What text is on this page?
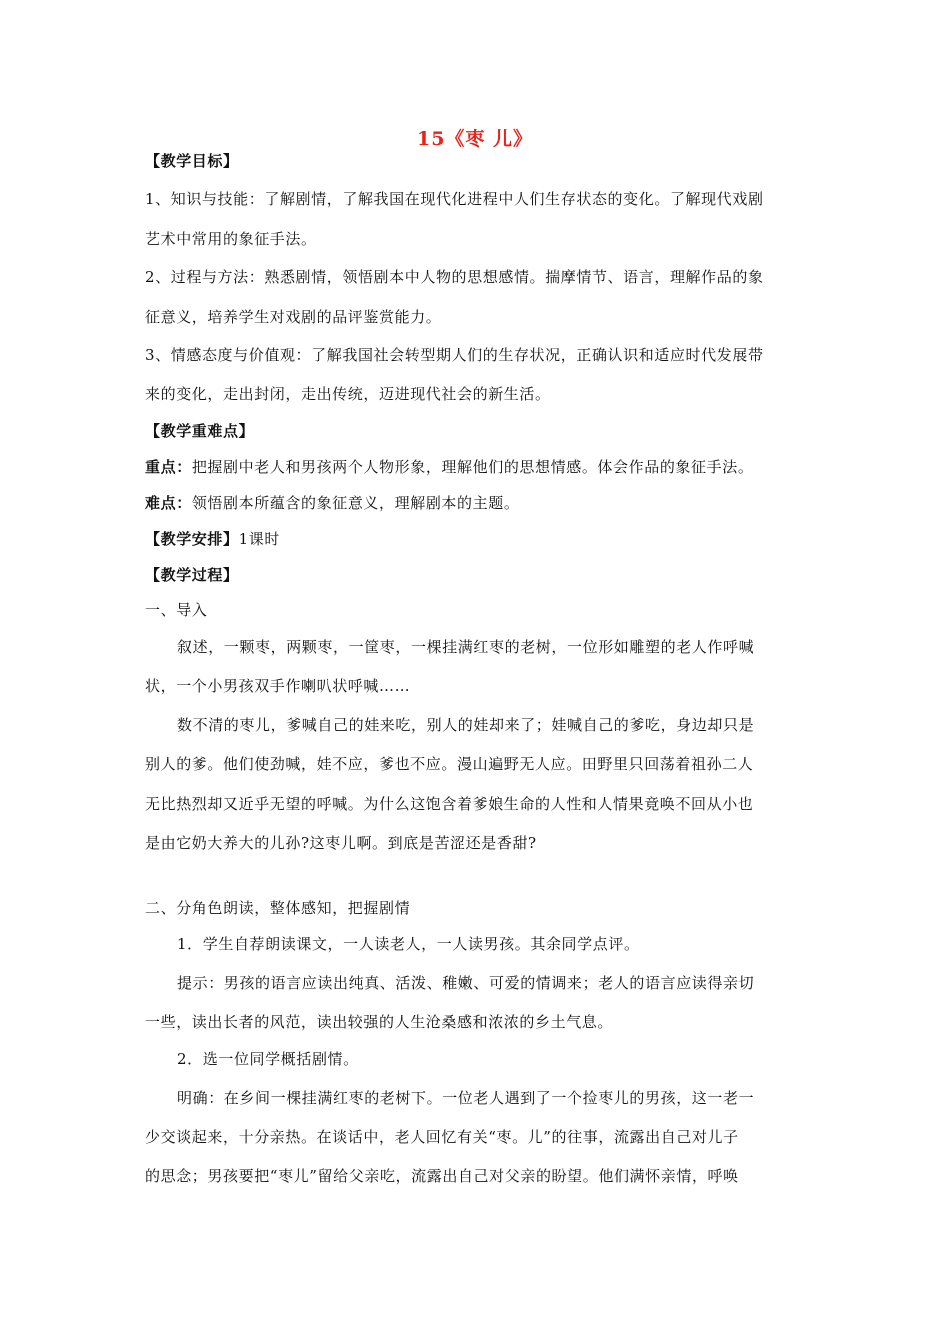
15《枣 儿》
【教学目标】
1、知识与技能：了解剧情，了解我国在现代化进程中人们生存状态的变化。了解现代戏剧
艺术中常用的象征手法。
2、过程与方法：熟悉剧情，领悟剧本中人物的思想感情。揣摩情节、语言，理解作品的象
征意义，培养学生对戏剧的品评鉴赏能力。
3、情感态度与价值观：了解我国社会转型期人们的生存状况，正确认识和适应时代发展带
来的变化，走出封闭，走出传统，迈进现代社会的新生活。
【教学重难点】
重点：把握剧中老人和男孩两个人物形象，理解他们的思想情感。体会作品的象征手法。
难点：领悟剧本所蕴含的象征意义，理解剧本的主题。
【教学安排】1课时
【教学过程】
一、导入
叙述，一颗枣，两颗枣，一筐枣，一棵挂满红枣的老树，一位形如雕塑的老人作呼喊
状，一个小男孩双手作喇叭状呼喊……
数不清的枣儿，爹喊自己的娃来吃，别人的娃却来了；娃喊自己的爹吃，身边却只是
别人的爹。他们使劲喊，娃不应，爹也不应。漫山遍野无人应。田野里只回荡着祖孙二人
无比热烈却又近乎无望的呼喊。为什么这饱含着爹娘生命的人性和人情果竟唤不回从小也
是由它奶大养大的儿孙?这枣儿啊。到底是苦涩还是香甜?
二、分角色朗读，整体感知，把握剧情
1．学生自荐朗读课文，一人读老人，一人读男孩。其余同学点评。
提示：男孩的语言应读出纯真、活泼、稚嫩、可爱的情调来；老人的语言应读得亲切
一些，读出长者的风范，读出较强的人生沧桑感和浓浓的乡土气息。
2．选一位同学概括剧情。
明确：在乡间一棵挂满红枣的老树下。一位老人遇到了一个捡枣儿的男孩，这一老一
少交谈起来，十分亲热。在谈话中，老人回忆有关“枣。儿”的往事，流露出自己对儿子
的思念；男孩要把“枣儿”留给父亲吃，流露出自己对父亲的盼望。他们满怀亲情，呼唤
